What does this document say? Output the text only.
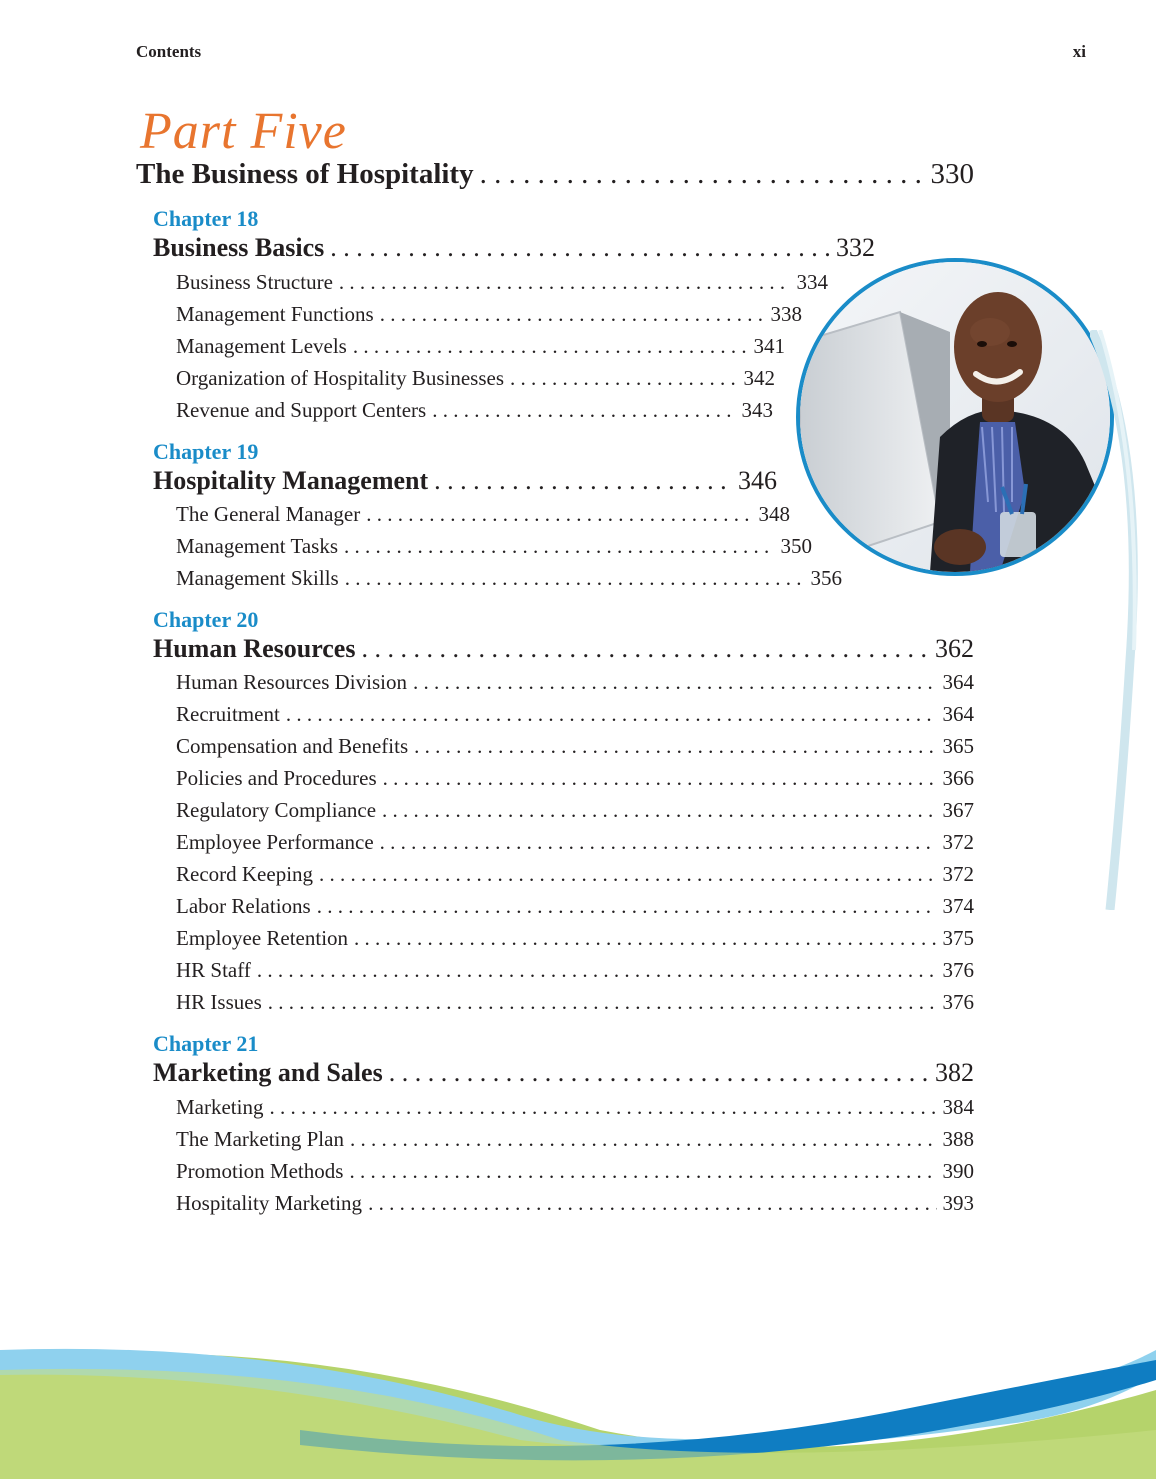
Contents	xi
Part Five
The Business of Hospitality . . .	330
Chapter 18
Business Basics . . .	332
Business Structure . . .	334
Management Functions . . .	338
Management Levels . . .	341
Organization of Hospitality Businesses . . .	342
Revenue and Support Centers . . .	343
Chapter 19
Hospitality Management . . .	346
The General Manager . . .	348
Management Tasks . . .	350
Management Skills . . .	356
Chapter 20
Human Resources . . .	362
Human Resources Division . . .	364
Recruitment . . .	364
Compensation and Benefits . . .	365
Policies and Procedures . . .	366
Regulatory Compliance . . .	367
Employee Performance . . .	372
Record Keeping . . .	372
Labor Relations . . .	374
Employee Retention . . .	375
HR Staff . . .	376
HR Issues . . .	376
Chapter 21
Marketing and Sales . . .	382
Marketing . . .	384
The Marketing Plan . . .	388
Promotion Methods . . .	390
Hospitality Marketing . . .	393
